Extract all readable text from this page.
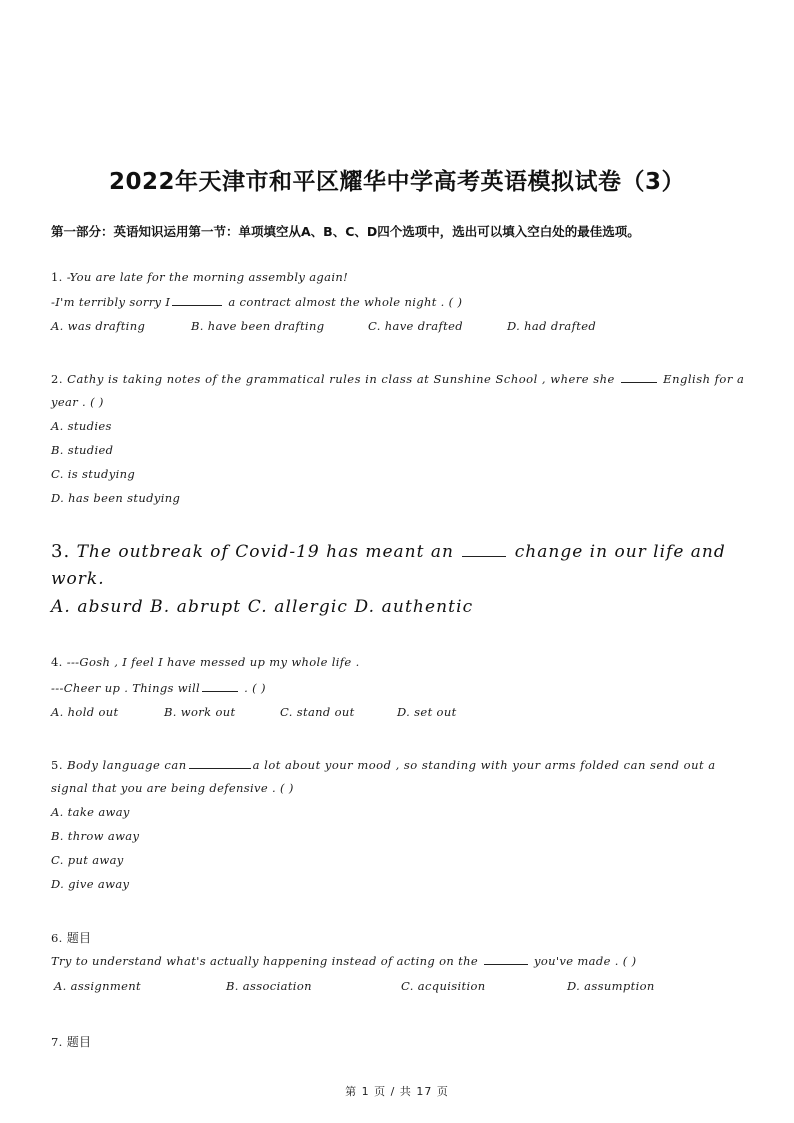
2022年天津市和平区耀华中学高考英语模拟试卷（3）
第一部分：英语知识运用第一节：单项填空从A、B、C、D四个选项中，选出可以填入空白处的最佳选项。
1. -You are late for the morning assembly again!
-I'm terribly sorry I	a contract almost the whole night . ( )
A. was drafting	B. have been drafting	C. have drafted	D. had drafted
2. Cathy is taking notes of the grammatical rules in class at Sunshine School , where she	English for a
year . ( )
A. studies
B. studied
C. is studying
D. has been studying
3. The outbreak of Covid-19 has meant an	change in our life and
work.
A. absurd B. abrupt C. allergic D. authentic
4. ---Gosh , I feel I have messed up my whole life .
---Cheer up . Things will	. ( )
A. hold out	B. work out	C. stand out	D. set out
5. Body language can	a lot about your mood , so standing with your arms folded can send out a
signal that you are being defensive . ( )
A. take away
B. throw away
C. put away
D. give away
6. 题目
Try to understand what's actually happening instead of acting on the	you've made . ( )
A. assignment	B. association	C. acquisition	D. assumption
7. 题目
第 1 页 / 共 17 页
